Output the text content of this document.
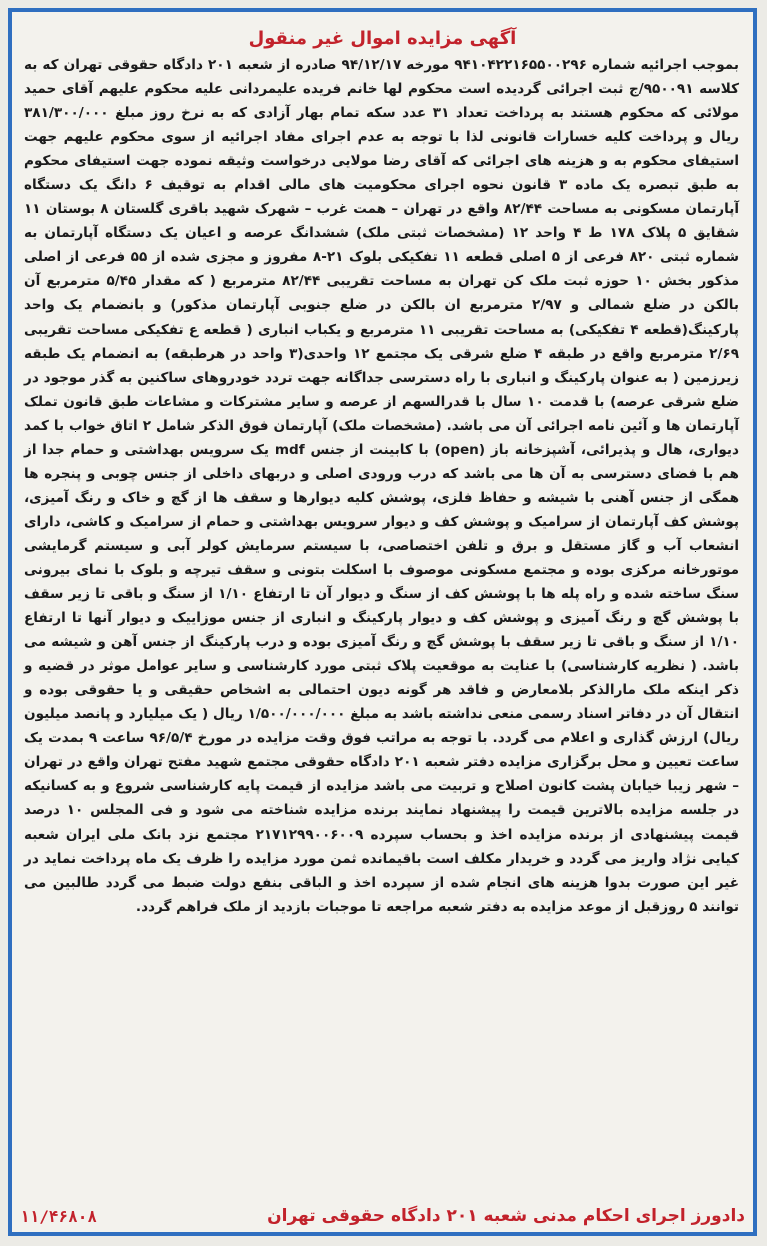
آگهی مزایده اموال غیر منقول
بموجب اجرائیه شماره ۹۴۱۰۴۲۲۱۶۵۵۰۰۲۹۶ مورخه ۹۴/۱۲/۱۷ صادره از شعبه ۲۰۱ دادگاه حقوقی تهران که به کلاسه ۹۵۰۰۹۱/ج ثبت اجرائی گردیده است محکوم لها خانم فریده علیمردانی علیه محکوم علیهم آقای حمید مولائی که محکوم هستند به پرداخت تعداد ۳۱ عدد سکه تمام بهار آزادی که به نرخ روز مبلغ ۳۸۱/۳۰۰/۰۰۰ ریال و پرداخت کلیه خسارات قانونی لذا با توجه به عدم اجرای مفاد اجرائیه از سوی محکوم علیهم جهت استیفای محکوم به و هزینه های اجرائی که آقای رضا مولایی درخواست وثیقه نموده جهت استیفای محکوم به طبق تبصره یک ماده ۳ قانون نحوه اجرای محکومیت های مالی اقدام به توقیف ۶ دانگ یک دستگاه آپارتمان مسکونی به مساحت ۸۲/۴۴ واقع در تهران – همت غرب – شهرک شهید باقری گلستان ۸ بوستان ۱۱ شقایق ۵ پلاک ۱۷۸ ط ۴ واحد ۱۲ (مشخصات ثبتی ملک) ششدانگ عرصه و اعیان یک دستگاه آپارتمان به شماره ثبتی ۸۲۰ فرعی از ۵ اصلی قطعه ۱۱ تفکیکی بلوک ۲۱-۸ مفروز و مجزی شده از ۵۵ فرعی از اصلی مذکور بخش ۱۰ حوزه ثبت ملک کن تهران به مساحت تقریبی ۸۲/۴۴ مترمربع ( که مقدار ۵/۴۵ مترمربع آن بالکن در ضلع شمالی و ۲/۹۷ مترمربع ان بالکن در ضلع جنوبی آپارتمان مذکور) و بانضمام یک واحد پارکینگ(قطعه ۴ تفکیکی) به مساحت تقریبی ۱۱ مترمربع و یکباب انباری ( قطعه ع تفکیکی مساحت تقریبی ۲/۶۹ مترمربع واقع در طبقه ۴ ضلع شرقی یک مجتمع ۱۲ واحدی(۳ واحد در هرطبقه) به انضمام یک طبقه زیرزمین ( به عنوان پارکینگ و انباری با راه دسترسی جداگانه جهت تردد خودروهای ساکنین به گذر موجود در ضلع شرقی عرصه) با قدمت ۱۰ سال با قدرالسهم از عرصه و سایر مشترکات و مشاعات طبق قانون تملک آپارتمان ها و آئین نامه اجرائی آن می باشد. (مشخصات ملک) آپارتمان فوق الذکر شامل ۲ اتاق خواب با کمد دیواری، هال و پذیرائی، آشپزخانه باز (open) با کابینت از جنس mdf یک سرویس بهداشتی و حمام جدا از هم با فضای دسترسی به آن ها می باشد که درب ورودی اصلی و دربهای داخلی از جنس چوبی و پنجره ها همگی از جنس آهنی با شیشه و حفاظ فلزی، پوشش کلیه دیوارها و سقف ها از گچ و خاک و رنگ آمیزی، پوشش کف آپارتمان از سرامیک و پوشش کف و دیوار سرویس بهداشتی و حمام از سرامیک و کاشی، دارای انشعاب آب و گاز مستقل و برق و تلفن اختصاصی، با سیستم سرمایش کولر آبی و سیستم گرمایشی موتورخانه مرکزی بوده و مجتمع مسکونی موصوف با اسکلت بتونی و سقف تیرچه و بلوک با نمای بیرونی سنگ ساخته شده و راه پله ها با پوشش کف از سنگ و دیوار آن تا ارتفاع ۱/۱۰ از سنگ و باقی تا زیر سقف با پوشش گچ و رنگ آمیزی و پوشش کف و دیوار پارکینگ و انباری از جنس موزاییک و دیوار آنها تا ارتفاع ۱/۱۰ از سنگ و باقی تا زیر سقف با پوشش گچ و رنگ آمیزی بوده و درب پارکینگ از جنس آهن و شیشه می باشد. ( نظریه کارشناسی) با عنایت به موقعیت پلاک ثبتی مورد کارشناسی و سایر عوامل موثر در قضیه و ذکر اینکه ملک مارالذکر بلامعارض و فاقد هر گونه دیون احتمالی به اشخاص حقیقی و یا حقوقی بوده و انتقال آن در دفاتر اسناد رسمی منعی نداشته باشد به مبلغ ۱/۵۰۰/۰۰۰/۰۰۰ ریال ( یک میلیارد و پانصد میلیون ریال) ارزش گذاری و اعلام می گردد. با توجه به مراتب فوق وقت مزایده در مورخ ۹۶/۵/۴ ساعت ۹ بمدت یک ساعت تعیین و محل برگزاری مزایده دفتر شعبه ۲۰۱ دادگاه حقوقی مجتمع شهید مفتح تهران واقع در تهران – شهر زیبا خیابان پشت کانون اصلاح و تربیت می باشد مزایده از قیمت پایه کارشناسی شروع و به کسانیکه در جلسه مزایده بالاترین قیمت را پیشنهاد نمایند برنده مزایده شناخته می شود و فی المجلس ۱۰ درصد قیمت پیشنهادی از برنده مزایده اخذ و بحساب سپرده ۲۱۷۱۲۹۹۰۰۶۰۰۹ مجتمع نزد بانک ملی ایران شعبه کیایی نژاد واریز می گردد و خریدار مکلف است باقیمانده ثمن مورد مزایده را ظرف یک ماه پرداخت نماید در غیر این صورت بدوا هزینه های انجام شده از سپرده اخذ و الباقی بنفع دولت ضبط می گردد طالبین می توانند ۵ روزقبل از موعد مزایده به دفتر شعبه مراجعه تا موجبات بازدید از ملک فراهم گردد.
۱۱/۴۶۸۰۸	دادورز اجرای احکام مدنی شعبه ۲۰۱ دادگاه حقوقی تهران
